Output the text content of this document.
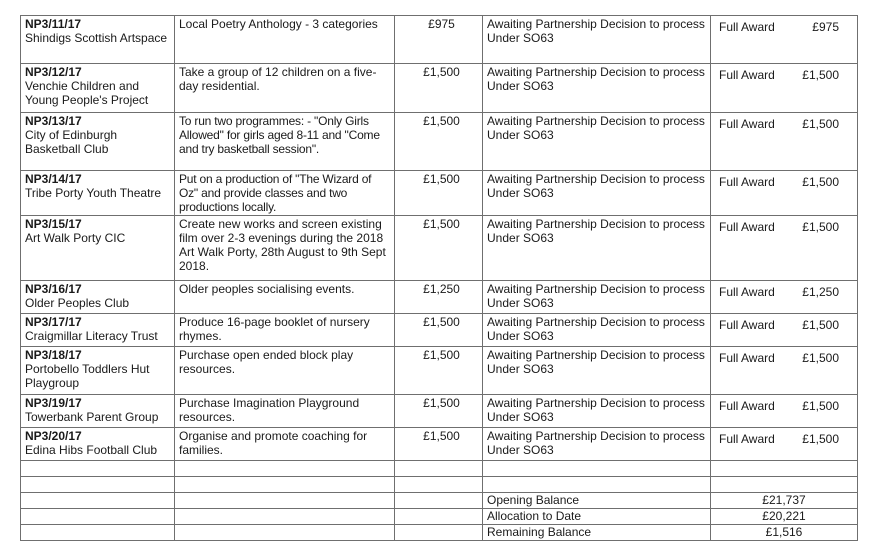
NP3/11/17
Shindigs Scottish Artspace	Local Poetry Anthology - 3 categories	£975	Awaiting Partnership Decision to process Under SO63	Full Award £975

NP3/12/17
Venchie Children and Young People's Project	Take a group of 12 children on a five-day residential.	£1,500	Awaiting Partnership Decision to process Under SO63	Full Award £1,500

NP3/13/17
City of Edinburgh Basketball Club	To run two programmes: - "Only Girls Allowed" for girls aged 8-11 and "Come and try basketball session".	£1,500	Awaiting Partnership Decision to process Under SO63	Full Award £1,500

NP3/14/17
Tribe Porty Youth Theatre	Put on a production of "The Wizard of Oz" and provide classes and two productions locally.	£1,500	Awaiting Partnership Decision to process Under SO63	Full Award £1,500

NP3/15/17
Art Walk Porty CIC	Create new works and screen existing film over 2-3 evenings during the 2018 Art Walk Porty, 28th August to 9th Sept 2018.	£1,500	Awaiting Partnership Decision to process Under SO63	Full Award £1,500

NP3/16/17
Older Peoples Club	Older peoples socialising events.	£1,250	Awaiting Partnership Decision to process Under SO63	Full Award £1,250

NP3/17/17
Craigmillar Literacy Trust	Produce 16-page booklet of nursery rhymes.	£1,500	Awaiting Partnership Decision to process Under SO63	Full Award £1,500

NP3/18/17
Portobello Toddlers Hut Playgroup	Purchase open ended block play resources.	£1,500	Awaiting Partnership Decision to process Under SO63	Full Award £1,500

NP3/19/17
Towerbank Parent Group	Purchase Imagination Playground resources.	£1,500	Awaiting Partnership Decision to process Under SO63	Full Award £1,500

NP3/20/17
Edina Hibs Football Club	Organise and promote coaching for families.	£1,500	Awaiting Partnership Decision to process Under SO63	Full Award £1,500

			Opening Balance	£21,737
			Allocation to Date	£20,221
			Remaining Balance	£1,516
